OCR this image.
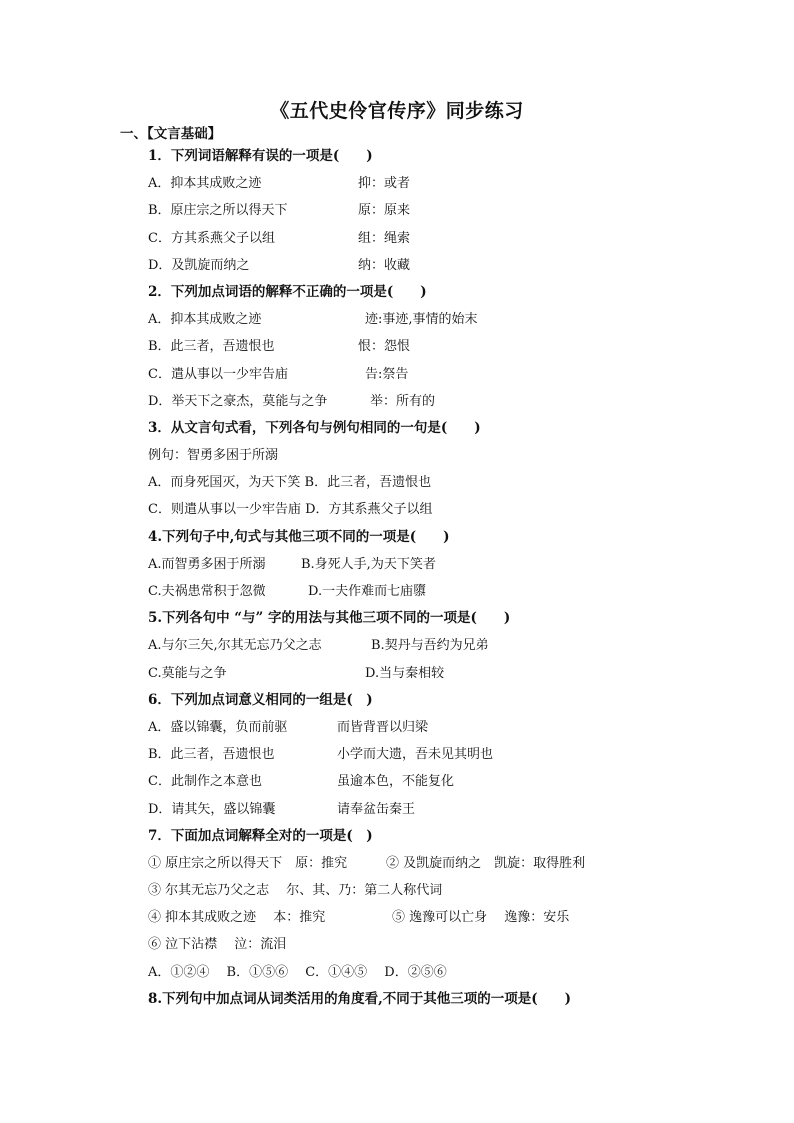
《五代史伶官传序》同步练习
一、【文言基础】
1．下列词语解释有误的一项是(　　)
A．抑本其成败之迹	抑：或者
B．原庄宗之所以得天下	原：原来
C．方其系燕父子以组	组：绳索
D．及凯旋而纳之	纳：收藏
2．下列加点词语的解释不正确的一项是(　　)
A．抑本其成败之迹	迹:事迹,事情的始末
B．此三者，吾遗恨也	恨：怨恨
C．遣从事以一少牢告庙	告:祭告
D．举天下之豪杰，莫能与之争	举：所有的
3．从文言句式看，下列各句与例句相同的一句是(　　)
例句：智勇多困于所溺
A．而身死国灭，为天下笑 B．此三者，吾遗恨也
C．则遣从事以一少牢告庙 D．方其系燕父子以组
4.下列句子中,句式与其他三项不同的一项是(　　)
A.而智勇多困于所溺	B.身死人手,为天下笑者
C.夫祸患常积于忽微	D.一夫作难而七庙隳
5.下列各句中 “与” 字的用法与其他三项不同的一项是(　　)
A.与尔三矢,尔其无忘乃父之志	B.契丹与吾约为兄弟
C.莫能与之争	D.当与秦相较
6．下列加点词意义相同的一组是(　)
A．盛以锦囊，负而前驱	而皆背晋以归梁
B．此三者，吾遗恨也	小学而大遗，吾未见其明也
C．此制作之本意也	虽逾本色，不能复化
D．请其矢，盛以锦囊	请奉盆缶秦王
7．下面加点词解释全对的一项是(　)
① 原庄宗之所以得天下　原：推究	② 及凯旋而纳之　凯旋：取得胜利
③ 尔其无忘乃父之志　 尔、其、乃：第二人称代词
④ 抑本其成败之迹　 本：推究	⑤ 逸豫可以亡身　 逸豫：安乐
⑥ 泣下沾襟　 泣：流泪
A．①②④　 B．①⑤⑥　 C．①④⑤　 D．②⑤⑥
8.下列句中加点词从词类活用的角度看,不同于其他三项的一项是(　　)
